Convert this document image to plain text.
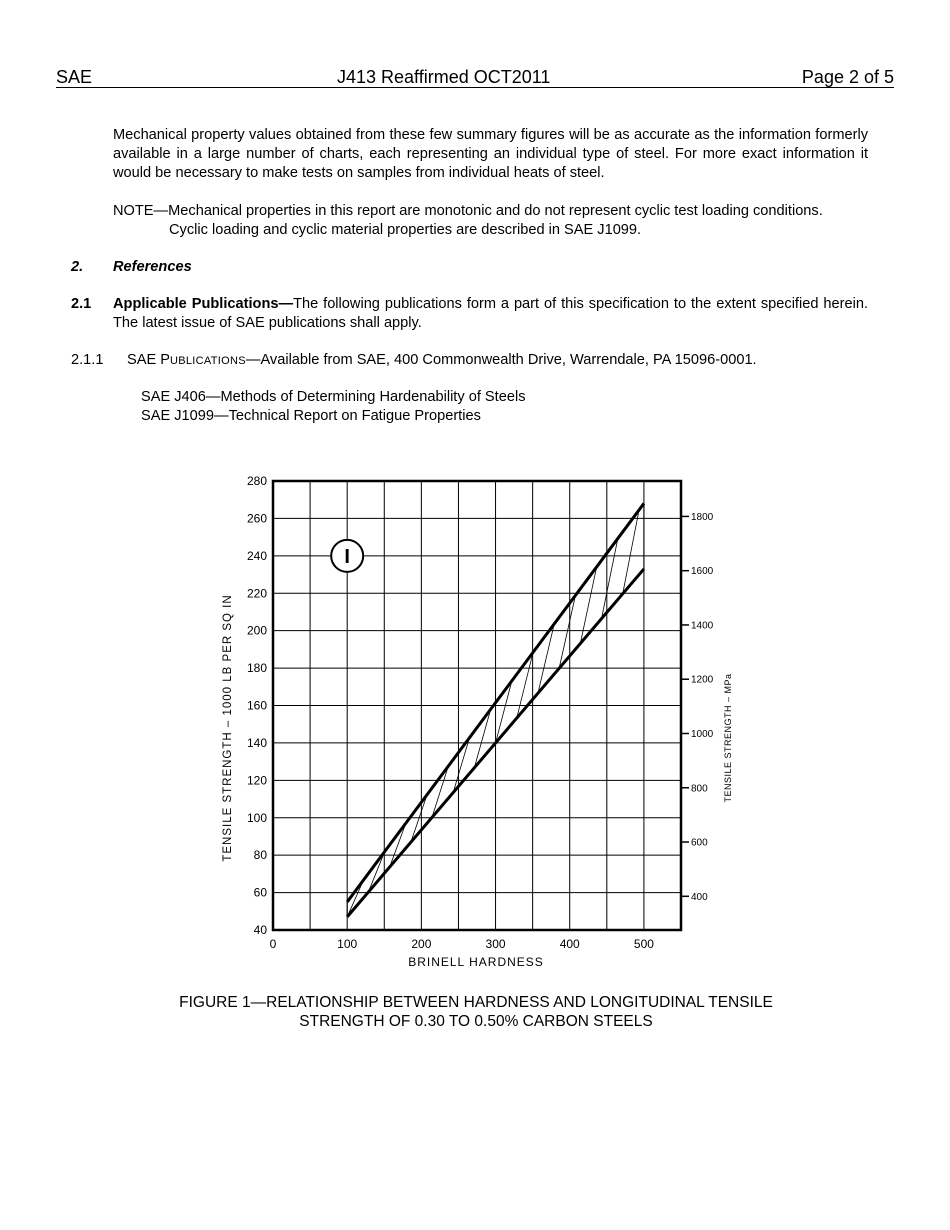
SAE	J413 Reaffirmed OCT2011	Page 2 of 5
Mechanical property values obtained from these few summary figures will be as accurate as the information formerly available in a large number of charts, each representing an individual type of steel. For more exact information it would be necessary to make tests on samples from individual heats of steel.
NOTE—Mechanical properties in this report are monotonic and do not represent cyclic test loading conditions.
Cyclic loading and cyclic material properties are described in SAE J1099.
2. References
2.1 Applicable Publications—The following publications form a part of this specification to the extent specified herein. The latest issue of SAE publications shall apply.
2.1.1 SAE PUBLICATIONS—Available from SAE, 400 Commonwealth Drive, Warrendale, PA 15096-0001.
SAE J406—Methods of Determining Hardenability of Steels
SAE J1099—Technical Report on Fatigue Properties
I
40
60
80
100
120
140
160
180
200
220
240
260
280
0	100	200	300	400	500
400
600
800
1000
1200
1400
1600
1800
BRINELL HARDNESS
TENSILE STRENGTH – 1000 LB PER SQ IN	TENSILE STRENGTH – MPa
FIGURE 1—RELATIONSHIP BETWEEN HARDNESS AND LONGITUDINAL TENSILE
STRENGTH OF 0.30 TO 0.50% CARBON STEELS
